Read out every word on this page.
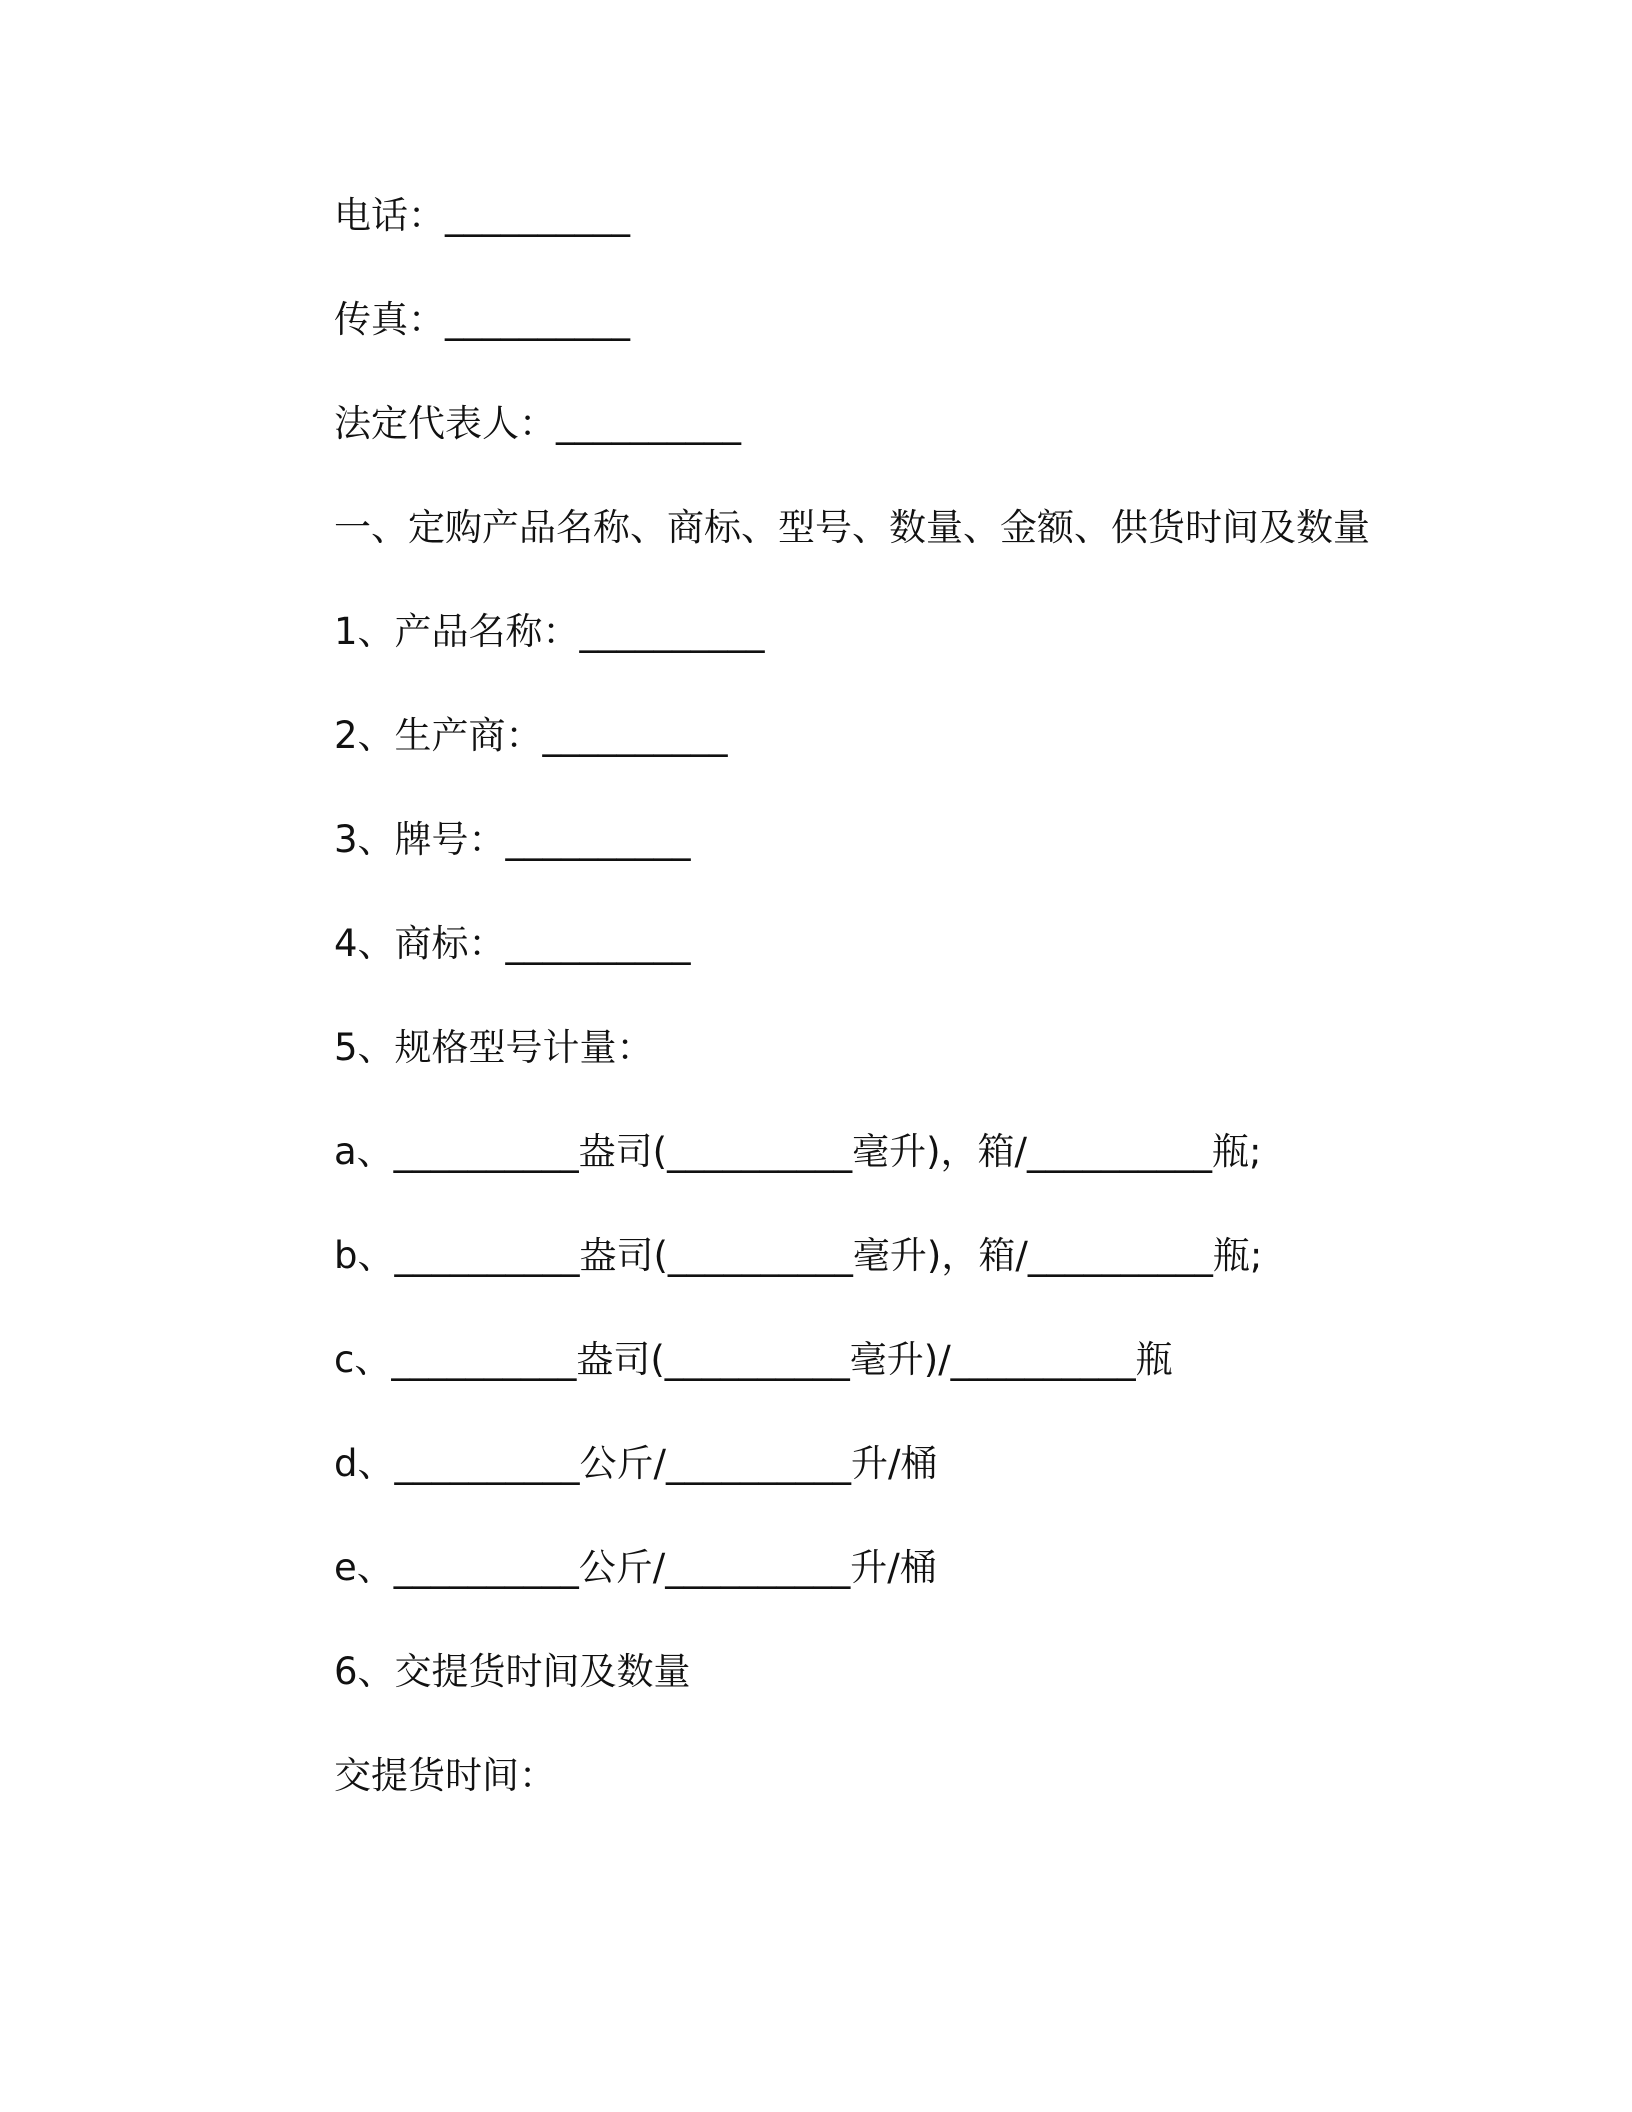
电话：__________
传真：__________
法定代表人：__________
一、定购产品名称、商标、型号、数量、金额、供货时间及数量
1、产品名称：__________
2、生产商：__________
3、牌号：__________
4、商标：__________
5、规格型号计量：
a、__________盎司(__________毫升)，箱/__________瓶;
b、__________盎司(__________毫升)，箱/__________瓶;
c、__________盎司(__________毫升)/__________瓶
d、__________公斤/__________升/桶
e、__________公斤/__________升/桶
6、交提货时间及数量
交提货时间：
